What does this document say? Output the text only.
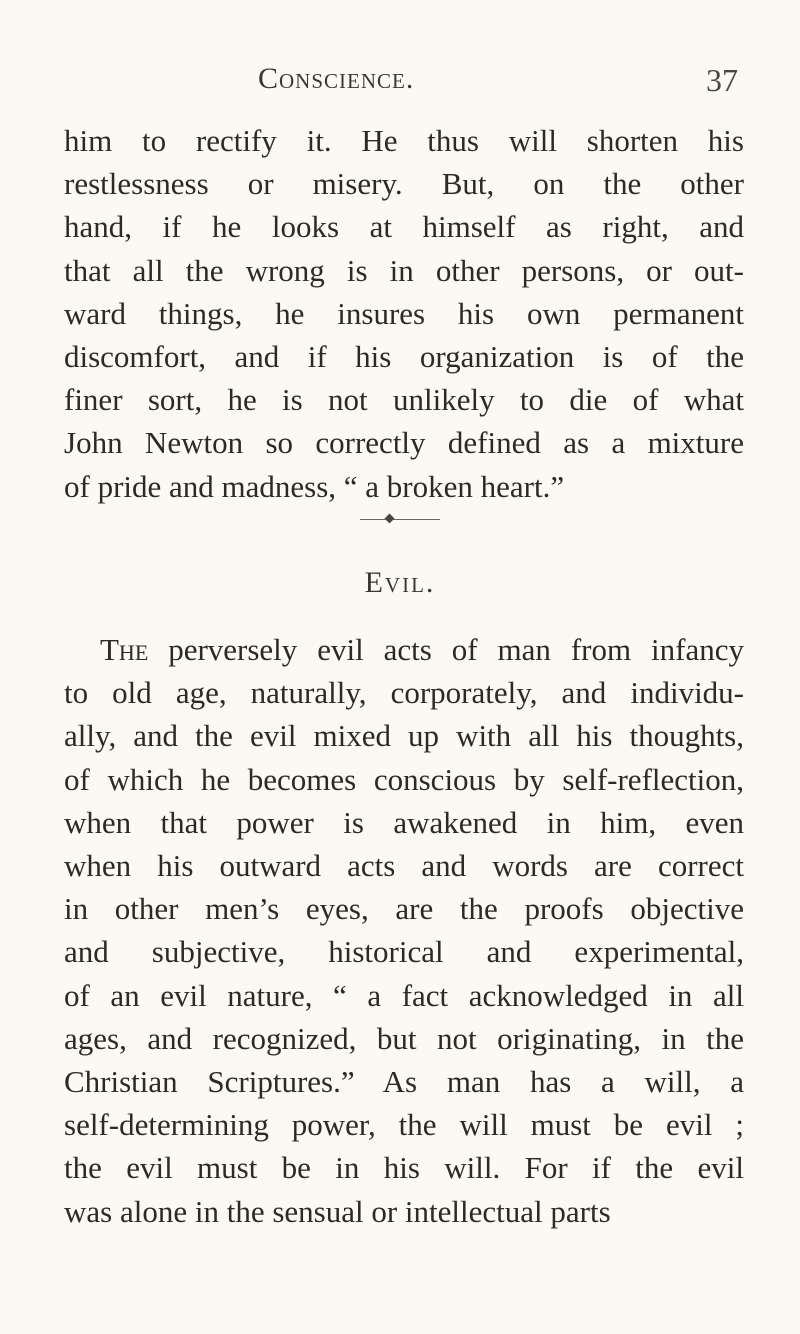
Conscience.	37

him to rectify it. He thus will shorten his
restlessness or misery. But, on the other
hand, if he looks at himself as right, and
that all the wrong is in other persons, or out-
ward things, he insures his own permanent
discomfort, and if his organization is of the
finer sort, he is not unlikely to die of what
John Newton so correctly defined as a mixture
of pride and madness, “ a broken heart.”

Evil.

The perversely evil acts of man from infancy
to old age, naturally, corporately, and individu-
ally, and the evil mixed up with all his thoughts,
of which he becomes conscious by self-reflection,
when that power is awakened in him, even
when his outward acts and words are correct
in other men’s eyes, are the proofs objective
and subjective, historical and experimental,
of an evil nature, “ a fact acknowledged in all
ages, and recognized, but not originating, in the
Christian Scriptures.” As man has a will, a
self-determining power, the will must be evil ;
the evil must be in his will. For if the evil
was alone in the sensual or intellectual parts
